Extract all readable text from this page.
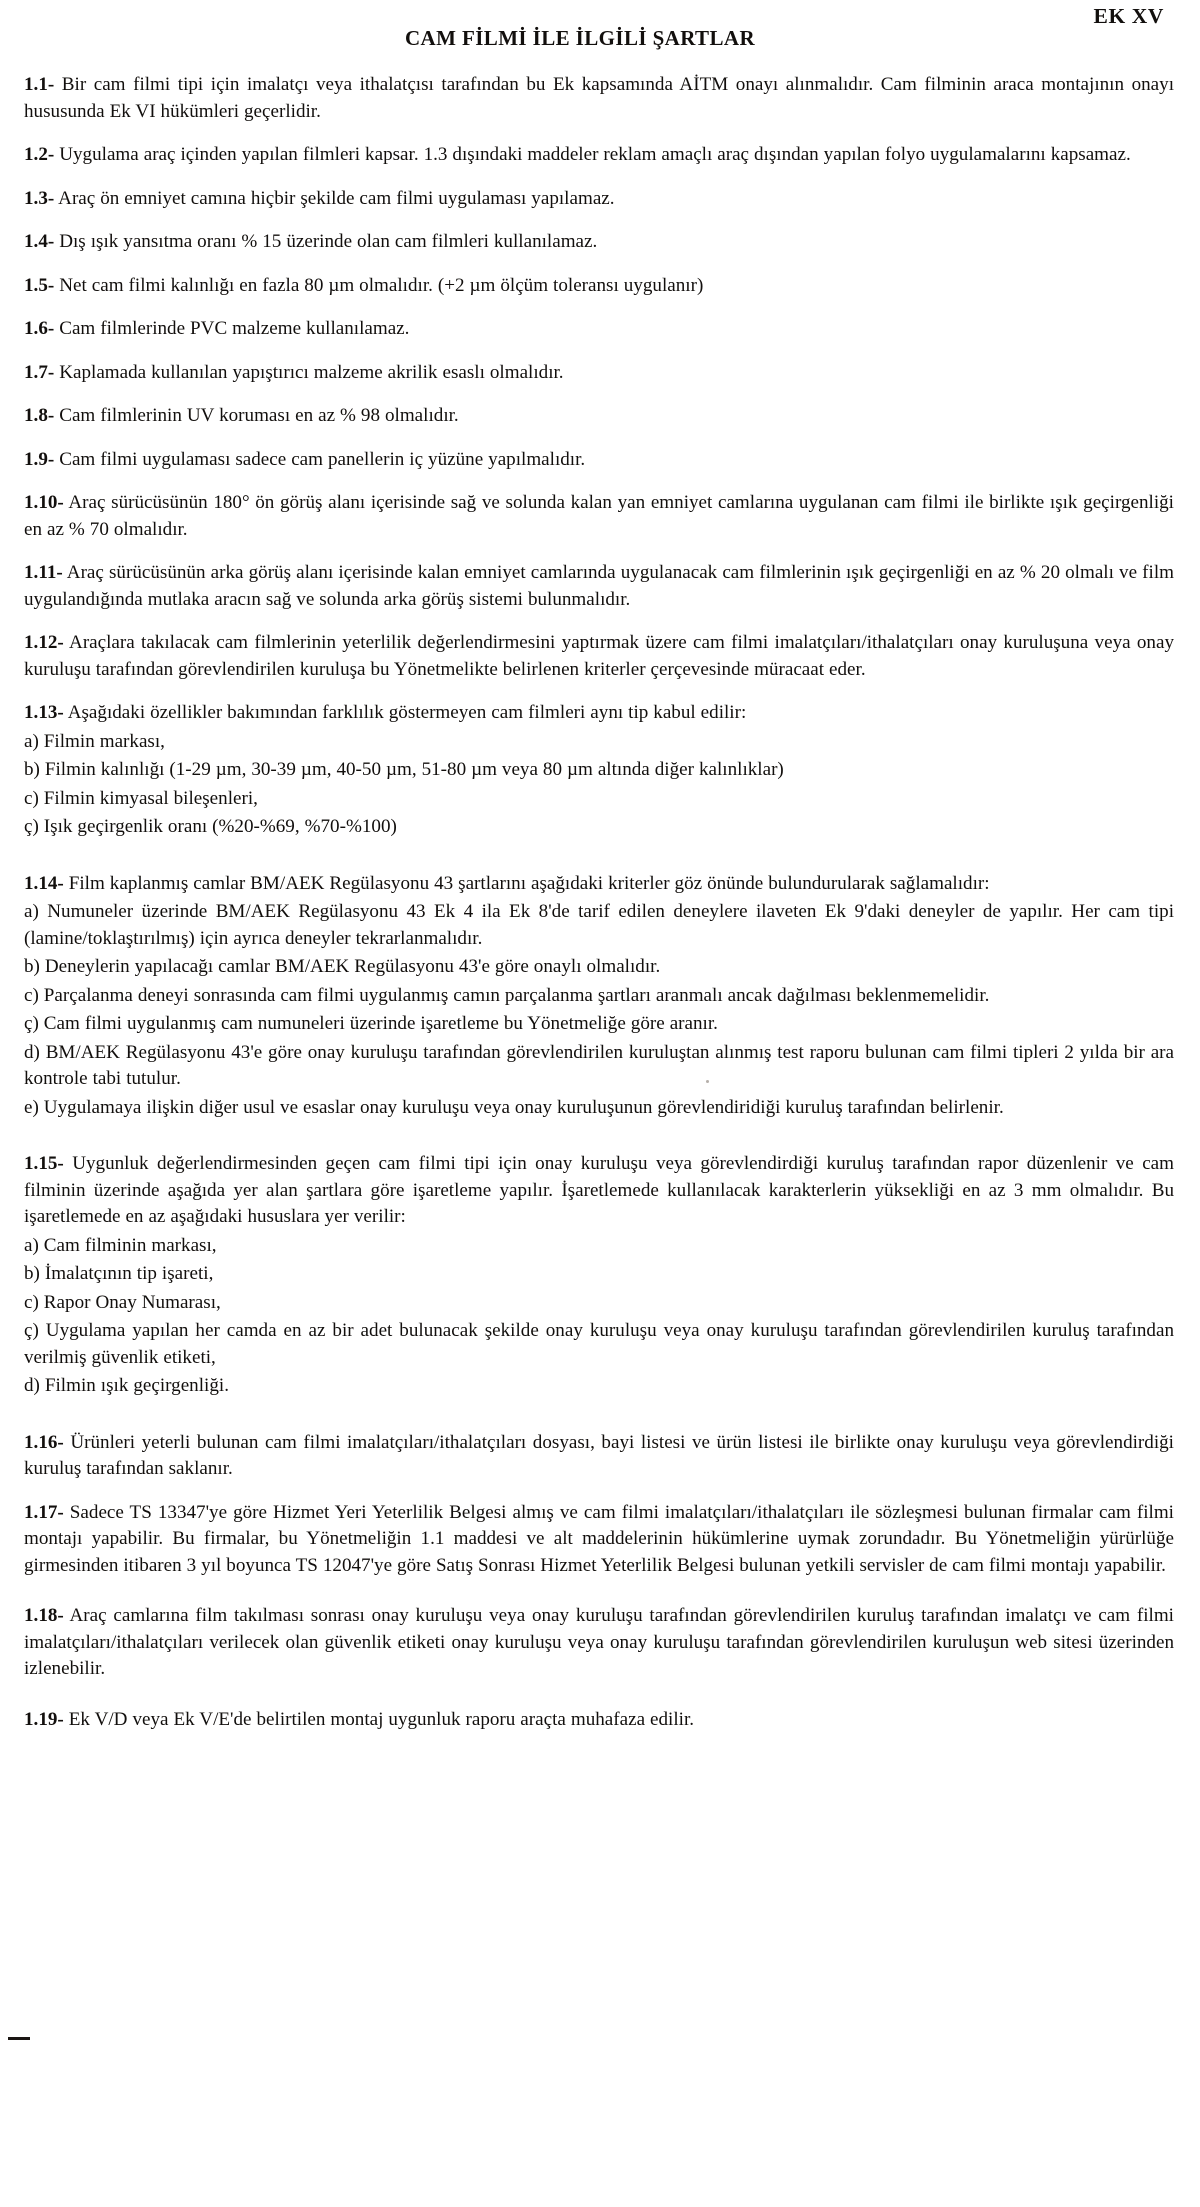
EK XV
CAM FİLMİ İLE İLGİLİ ŞARTLAR

1.1- Bir cam filmi tipi için imalatçı veya ithalatçısı tarafından bu Ek kapsamında AİTM onayı alınmalıdır. Cam filminin araca montajının onayı hususunda Ek VI hükümleri geçerlidir.

1.2- Uygulama araç içinden yapılan filmleri kapsar. 1.3 dışındaki maddeler reklam amaçlı araç dışından yapılan folyo uygulamalarını kapsamaz.

1.3- Araç ön emniyet camına hiçbir şekilde cam filmi uygulaması yapılamaz.

1.4- Dış ışık yansıtma oranı % 15 üzerinde olan cam filmleri kullanılamaz.

1.5- Net cam filmi kalınlığı en fazla 80 µm olmalıdır. (+2 µm ölçüm toleransı uygulanır)

1.6- Cam filmlerinde PVC malzeme kullanılamaz.

1.7- Kaplamada kullanılan yapıştırıcı malzeme akrilik esaslı olmalıdır.

1.8- Cam filmlerinin UV koruması en az % 98 olmalıdır.

1.9- Cam filmi uygulaması sadece cam panellerin iç yüzüne yapılmalıdır.

1.10- Araç sürücüsünün 180° ön görüş alanı içerisinde sağ ve solunda kalan yan emniyet camlarına uygulanan cam filmi ile birlikte ışık geçirgenliği en az % 70 olmalıdır.

1.11- Araç sürücüsünün arka görüş alanı içerisinde kalan emniyet camlarında uygulanacak cam filmlerinin ışık geçirgenliği en az % 20 olmalı ve film uygulandığında mutlaka aracın sağ ve solunda arka görüş sistemi bulunmalıdır.

1.12- Araçlara takılacak cam filmlerinin yeterlilik değerlendirmesini yaptırmak üzere cam filmi imalatçıları/ithalatçıları onay kuruluşuna veya onay kuruluşu tarafından görevlendirilen kuruluşa bu Yönetmelikte belirlenen kriterler çerçevesinde müracaat eder.

1.13- Aşağıdaki özellikler bakımından farklılık göstermeyen cam filmleri aynı tip kabul edilir:

a) Filmin markası,

b) Filmin kalınlığı (1-29 µm, 30-39 µm, 40-50 µm, 51-80 µm veya 80 µm altında diğer kalınlıklar)

c) Filmin kimyasal bileşenleri,

ç) Işık geçirgenlik oranı (%20-%69, %70-%100)

1.14- Film kaplanmış camlar BM/AEK Regülasyonu 43 şartlarını aşağıdaki kriterler göz önünde bulundurularak sağlamalıdır:

a) Numuneler üzerinde BM/AEK Regülasyonu 43 Ek 4 ila Ek 8'de tarif edilen deneylere ilaveten Ek 9'daki deneyler de yapılır. Her cam tipi (lamine/toklaştırılmış) için ayrıca deneyler tekrarlanmalıdır.

b) Deneylerin yapılacağı camlar BM/AEK Regülasyonu 43'e göre onaylı olmalıdır.

c) Parçalanma deneyi sonrasında cam filmi uygulanmış camın parçalanma şartları aranmalı ancak dağılması beklenmemelidir.

ç) Cam filmi uygulanmış cam numuneleri üzerinde işaretleme bu Yönetmeliğe göre aranır.

d) BM/AEK Regülasyonu 43'e göre onay kuruluşu tarafından görevlendirilen kuruluştan alınmış test raporu bulunan cam filmi tipleri 2 yılda bir ara kontrole tabi tutulur.

e) Uygulamaya ilişkin diğer usul ve esaslar onay kuruluşu veya onay kuruluşunun görevlendiridiği kuruluş tarafından belirlenir.

1.15- Uygunluk değerlendirmesinden geçen cam filmi tipi için onay kuruluşu veya görevlendirdiği kuruluş tarafından rapor düzenlenir ve cam filminin üzerinde aşağıda yer alan şartlara göre işaretleme yapılır. İşaretlemede kullanılacak karakterlerin yüksekliği en az 3 mm olmalıdır. Bu işaretlemede en az aşağıdaki hususlara yer verilir:

a) Cam filminin markası,

b) İmalatçının tip işareti,

c) Rapor Onay Numarası,

ç) Uygulama yapılan her camda en az bir adet bulunacak şekilde onay kuruluşu veya onay kuruluşu tarafından görevlendirilen kuruluş tarafından verilmiş güvenlik etiketi,

d) Filmin ışık geçirgenliği.

1.16- Ürünleri yeterli bulunan cam filmi imalatçıları/ithalatçıları dosyası, bayi listesi ve ürün listesi ile birlikte onay kuruluşu veya görevlendirdiği kuruluş tarafından saklanır.

1.17- Sadece TS 13347'ye göre Hizmet Yeri Yeterlilik Belgesi almış ve cam filmi imalatçıları/ithalatçıları ile sözleşmesi bulunan firmalar cam filmi montajı yapabilir. Bu firmalar, bu Yönetmeliğin 1.1 maddesi ve alt maddelerinin hükümlerine uymak zorundadır. Bu Yönetmeliğin yürürlüğe girmesinden itibaren 3 yıl boyunca TS 12047'ye göre Satış Sonrası Hizmet Yeterlilik Belgesi bulunan yetkili servisler de cam filmi montajı yapabilir.

1.18- Araç camlarına film takılması sonrası onay kuruluşu veya onay kuruluşu tarafından görevlendirilen kuruluş tarafından imalatçı ve cam filmi imalatçıları/ithalatçıları verilecek olan güvenlik etiketi onay kuruluşu veya onay kuruluşu tarafından görevlendirilen kuruluşun web sitesi üzerinden izlenebilir.

1.19- Ek V/D veya Ek V/E'de belirtilen montaj uygunluk raporu araçta muhafaza edilir.
